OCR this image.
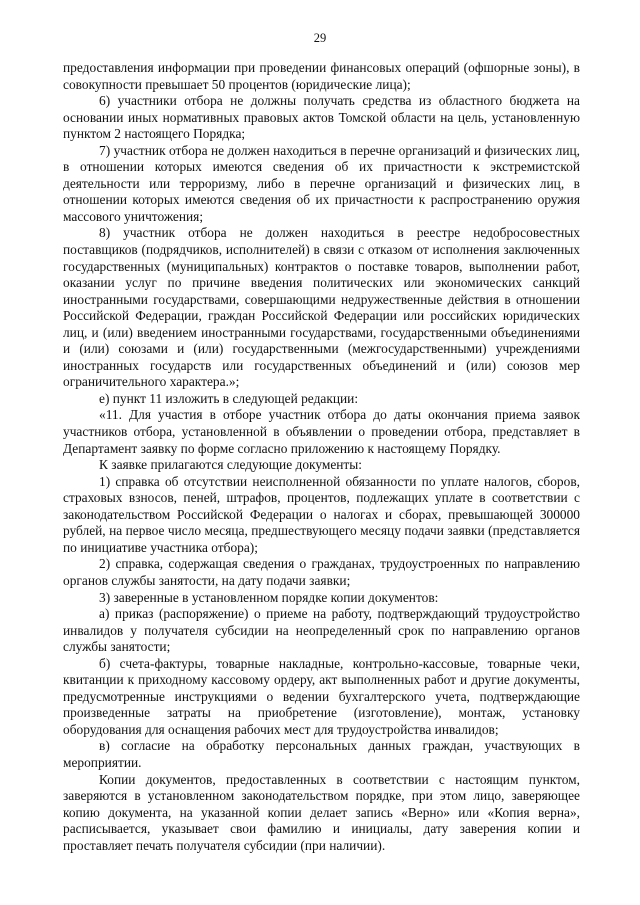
29

предоставления информации при проведении финансовых операций (офшорные зоны), в совокупности превышает 50 процентов (юридические лица);

6) участники отбора не должны получать средства из областного бюджета на основании иных нормативных правовых актов Томской области на цель, установленную пунктом 2 настоящего Порядка;

7) участник отбора не должен находиться в перечне организаций и физических лиц, в отношении которых имеются сведения об их причастности к экстремистской деятельности или терроризму, либо в перечне организаций и физических лиц, в отношении которых имеются сведения об их причастности к распространению оружия массового уничтожения;

8) участник отбора не должен находиться в реестре недобросовестных поставщиков (подрядчиков, исполнителей) в связи с отказом от исполнения заключенных государственных (муниципальных) контрактов о поставке товаров, выполнении работ, оказании услуг по причине введения политических или экономических санкций иностранными государствами, совершающими недружественные действия в отношении Российской Федерации, граждан Российской Федерации или российских юридических лиц, и (или) введением иностранными государствами, государственными объединениями и (или) союзами и (или) государственными (межгосударственными) учреждениями иностранных государств или государственных объединений и (или) союзов мер ограничительного характера.»;

е) пункт 11 изложить в следующей редакции:

«11. Для участия в отборе участник отбора до даты окончания приема заявок участников отбора, установленной в объявлении о проведении отбора, представляет в Департамент заявку по форме согласно приложению к настоящему Порядку.

К заявке прилагаются следующие документы:

1) справка об отсутствии неисполненной обязанности по уплате налогов, сборов, страховых взносов, пеней, штрафов, процентов, подлежащих уплате в соответствии с законодательством Российской Федерации о налогах и сборах, превышающей 300000 рублей, на первое число месяца, предшествующего месяцу подачи заявки (представляется по инициативе участника отбора);

2) справка, содержащая сведения о гражданах, трудоустроенных по направлению органов службы занятости, на дату подачи заявки;

3) заверенные в установленном порядке копии документов:

а) приказ (распоряжение) о приеме на работу, подтверждающий трудоустройство инвалидов у получателя субсидии на неопределенный срок по направлению органов службы занятости;

б) счета-фактуры, товарные накладные, контрольно-кассовые, товарные чеки, квитанции к приходному кассовому ордеру, акт выполненных работ и другие документы, предусмотренные инструкциями о ведении бухгалтерского учета, подтверждающие произведенные затраты на приобретение (изготовление), монтаж, установку оборудования для оснащения рабочих мест для трудоустройства инвалидов;

в) согласие на обработку персональных данных граждан, участвующих в мероприятии.

Копии документов, предоставленных в соответствии с настоящим пунктом, заверяются в установленном законодательством порядке, при этом лицо, заверяющее копию документа, на указанной копии делает запись «Верно» или «Копия верна», расписывается, указывает свои фамилию и инициалы, дату заверения копии и проставляет печать получателя субсидии (при наличии).
